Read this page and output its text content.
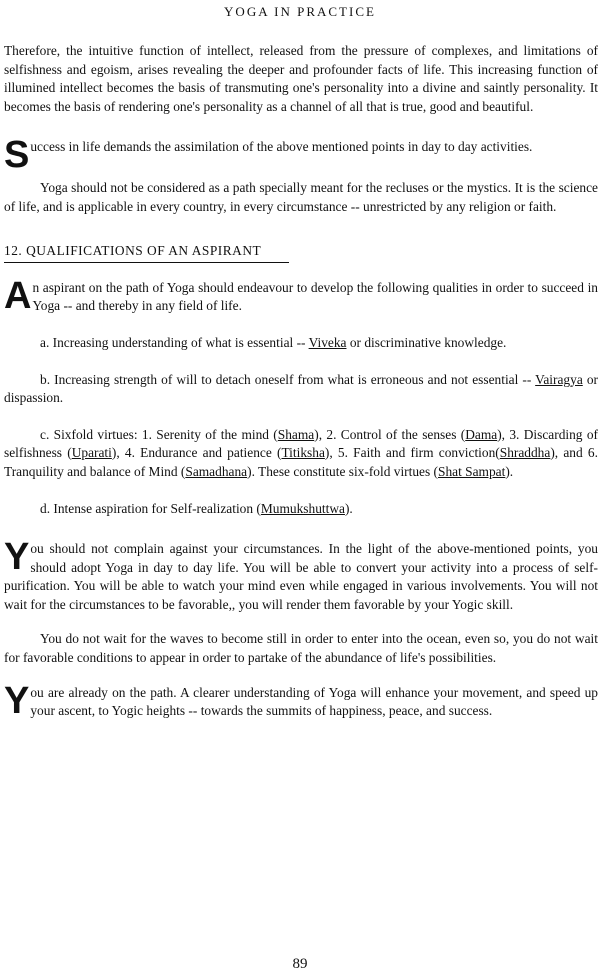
YOGA IN PRACTICE

Therefore, the intuitive function of intellect, released from the pressure of complexes, and limitations of selfishness and egoism, arises revealing the deeper and profounder facts of life. This increasing function of illumined intellect becomes the basis of transmuting one's personality into a divine and saintly personality. It becomes the basis of rendering one's personality as a channel of all that is true, good and beautiful.

Success in life demands the assimilation of the above mentioned points in day to day activities.

Yoga should not be considered as a path specially meant for the recluses or the mystics. It is the science of life, and is applicable in every country, in every circumstance -- unrestricted by any religion or faith.

12. QUALIFICATIONS OF AN ASPIRANT

An aspirant on the path of Yoga should endeavour to develop the following qualities in order to succeed in Yoga -- and thereby in any field of life.

a. Increasing understanding of what is essential -- Viveka or discriminative knowledge.

b. Increasing strength of will to detach oneself from what is erroneous and not essential -- Vairagya or dispassion.

c. Sixfold virtues: 1. Serenity of the mind (Shama), 2. Control of the senses (Dama), 3. Discarding of selfishness (Uparati), 4. Endurance and patience (Titiksha), 5. Faith and firm conviction(Shraddha), and 6. Tranquility and balance of Mind (Samadhana). These constitute six-fold virtues (Shat Sampat).

d. Intense aspiration for Self-realization (Mumukshuttwa).

You should not complain against your circumstances. In the light of the above-mentioned points, you should adopt Yoga in day to day life. You will be able to convert your activity into a process of self-purification. You will be able to watch your mind even while engaged in various involvements. You will not wait for the circumstances to be favorable,, you will render them favorable by your Yogic skill.

You do not wait for the waves to become still in order to enter into the ocean, even so, you do not wait for favorable conditions to appear in order to partake of the abundance of life's possibilities.

You are already on the path. A clearer understanding of Yoga will enhance your movement, and speed up your ascent, to Yogic heights -- towards the summits of happiness, peace, and success.

89
